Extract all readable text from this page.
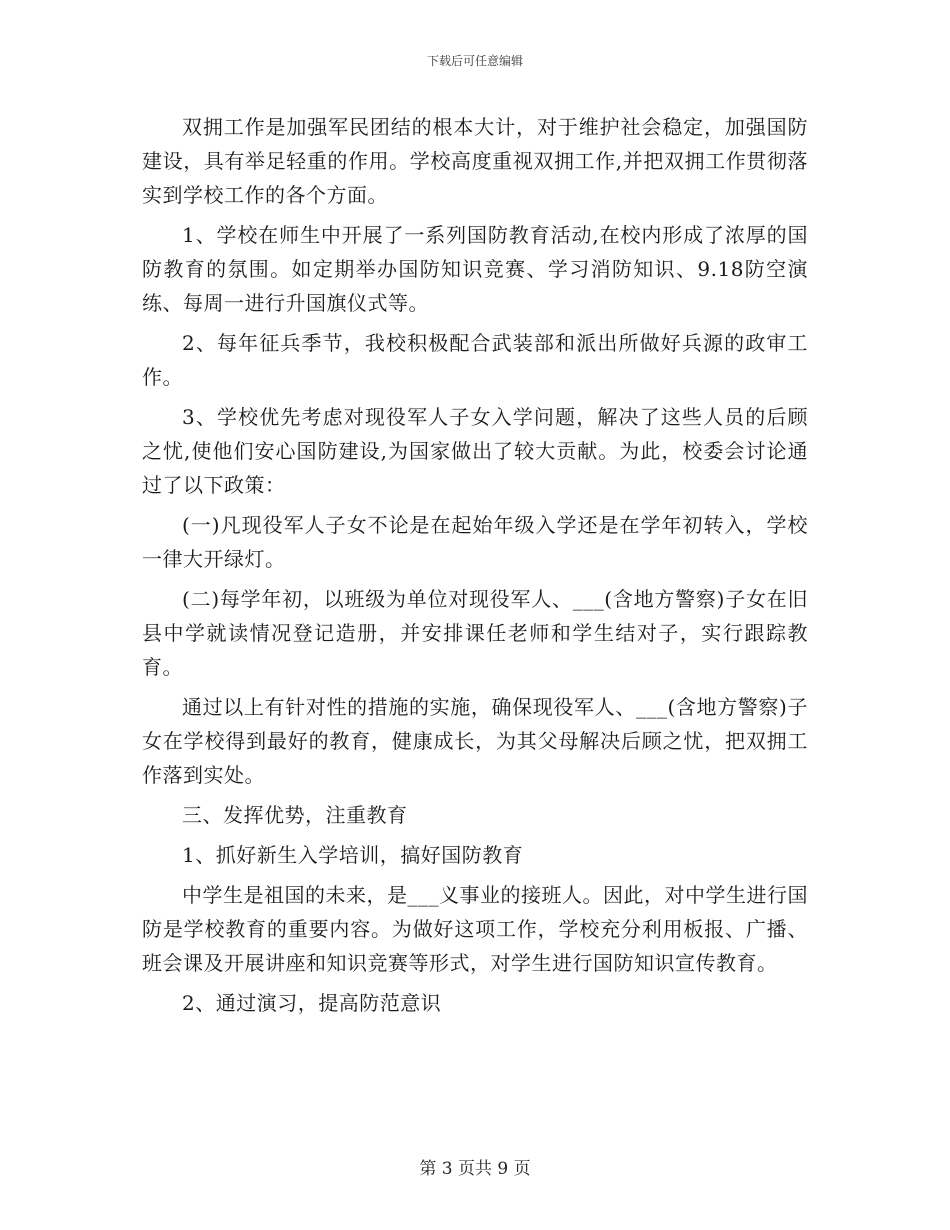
下载后可任意编辑

双拥工作是加强军民团结的根本大计，对于维护社会稳定，加强国防建设，具有举足轻重的作用。学校高度重视双拥工作,并把双拥工作贯彻落实到学校工作的各个方面。

1、学校在师生中开展了一系列国防教育活动,在校内形成了浓厚的国防教育的氛围。如定期举办国防知识竞赛、学习消防知识、9.18防空演练、每周一进行升国旗仪式等。

2、每年征兵季节，我校积极配合武装部和派出所做好兵源的政审工作。

3、学校优先考虑对现役军人子女入学问题，解决了这些人员的后顾之忧,使他们安心国防建设,为国家做出了较大贡献。为此，校委会讨论通过了以下政策：

(一)凡现役军人子女不论是在起始年级入学还是在学年初转入，学校一律大开绿灯。

(二)每学年初，以班级为单位对现役军人、___(含地方警察)子女在旧县中学就读情况登记造册，并安排课任老师和学生结对子，实行跟踪教育。

通过以上有针对性的措施的实施，确保现役军人、___(含地方警察)子女在学校得到最好的教育，健康成长，为其父母解决后顾之忧，把双拥工作落到实处。

三、发挥优势，注重教育

1、抓好新生入学培训，搞好国防教育

中学生是祖国的未来，是___义事业的接班人。因此，对中学生进行国防是学校教育的重要内容。为做好这项工作，学校充分利用板报、广播、班会课及开展讲座和知识竞赛等形式，对学生进行国防知识宣传教育。

2、通过演习，提高防范意识

第 3 页共 9 页
